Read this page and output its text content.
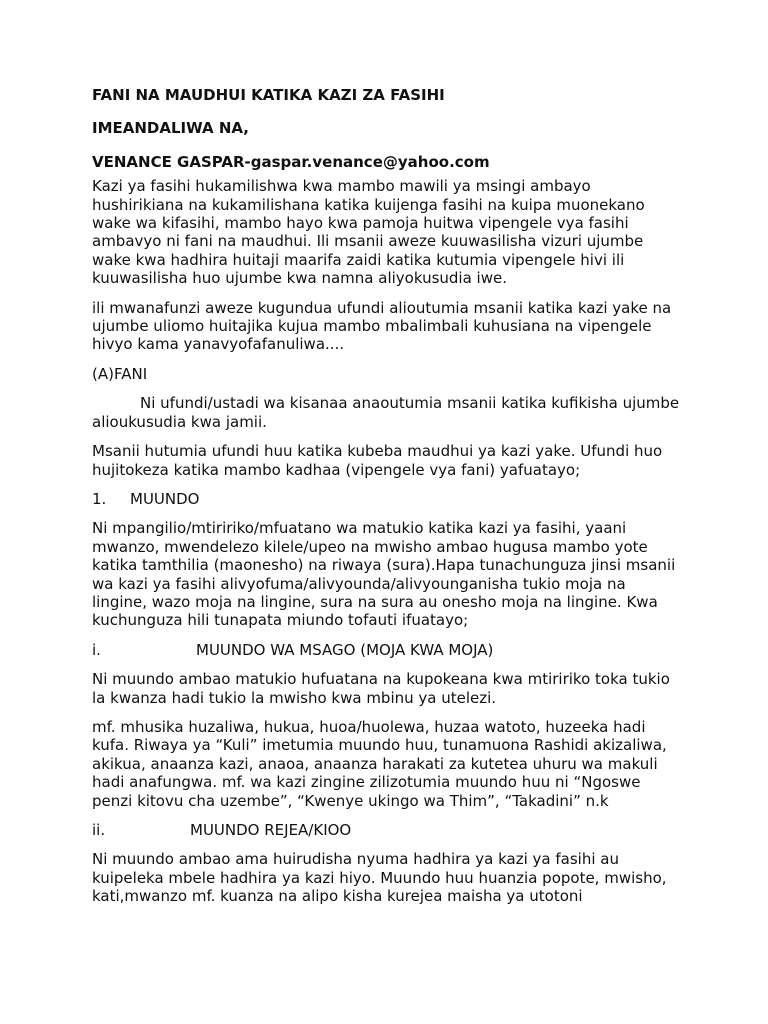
FANI NA MAUDHUI KATIKA KAZI ZA FASIHI
IMEANDALIWA NA,
VENANCE GASPAR-gaspar.venance@yahoo.com

Kazi ya fasihi hukamilishwa kwa mambo mawili ya msingi ambayo hushirikiana na kukamilishana katika kuijenga fasihi na kuipa muonekano wake wa kifasihi, mambo hayo kwa pamoja huitwa vipengele vya fasihi ambavyo ni fani na maudhui. Ili msanii aweze kuuwasilisha vizuri ujumbe wake kwa hadhira huitaji maarifa zaidi katika kutumia vipengele hivi ili kuuwasilisha huo ujumbe kwa namna aliyokusudia iwe.

ili mwanafunzi aweze kugundua ufundi alioutumia msanii katika kazi yake na ujumbe uliomo huitajika kujua mambo mbalimbali kuhusiana na vipengele hivyo kama yanavyofafanuliwa....

(A)FANI

Ni ufundi/ustadi wa kisanaa anaoutumia msanii katika kufikisha ujumbe alioukusudia kwa jamii.

Msanii hutumia ufundi huu katika kubeba maudhui ya kazi yake. Ufundi huo hujitokeza katika mambo kadhaa (vipengele vya fani) yafuatayo;

1. MUUNDO

Ni mpangilio/mtiririko/mfuatano wa matukio katika kazi ya fasihi, yaani mwanzo, mwendelezo kilele/upeo na mwisho ambao hugusa mambo yote katika tamthilia (maonesho) na riwaya (sura).Hapa tunachunguza jinsi msanii wa kazi ya fasihi alivyofuma/alivyounda/alivyounganisha tukio moja na lingine, wazo moja na lingine, sura na sura au onesho moja na lingine. Kwa kuchunguza hili tunapata miundo tofauti ifuatayo;

i.	MUUNDO WA MSAGO (MOJA KWA MOJA)

Ni muundo ambao matukio hufuatana na kupokeana kwa mtiririko toka tukio la kwanza hadi tukio la mwisho kwa mbinu ya utelezi.

mf. mhusika huzaliwa, hukua, huoa/huolewa, huzaa watoto, huzeeka hadi kufa. Riwaya ya “Kuli” imetumia muundo huu, tunamuona Rashidi akizaliwa, akikua, anaanza kazi, anaoa, anaanza harakati za kutetea uhuru wa makuli hadi anafungwa. mf. wa kazi zingine zilizotumia muundo huu ni “Ngoswe penzi kitovu cha uzembe”, “Kwenye ukingo wa Thim”, “Takadini” n.k

ii.	MUUNDO REJEA/KIOO

Ni muundo ambao ama huirudisha nyuma hadhira ya kazi ya fasihi au kuipeleka mbele hadhira ya kazi hiyo. Muundo huu huanzia popote, mwisho, kati,mwanzo mf. kuanza na alipo kisha kurejea maisha ya utotoni
